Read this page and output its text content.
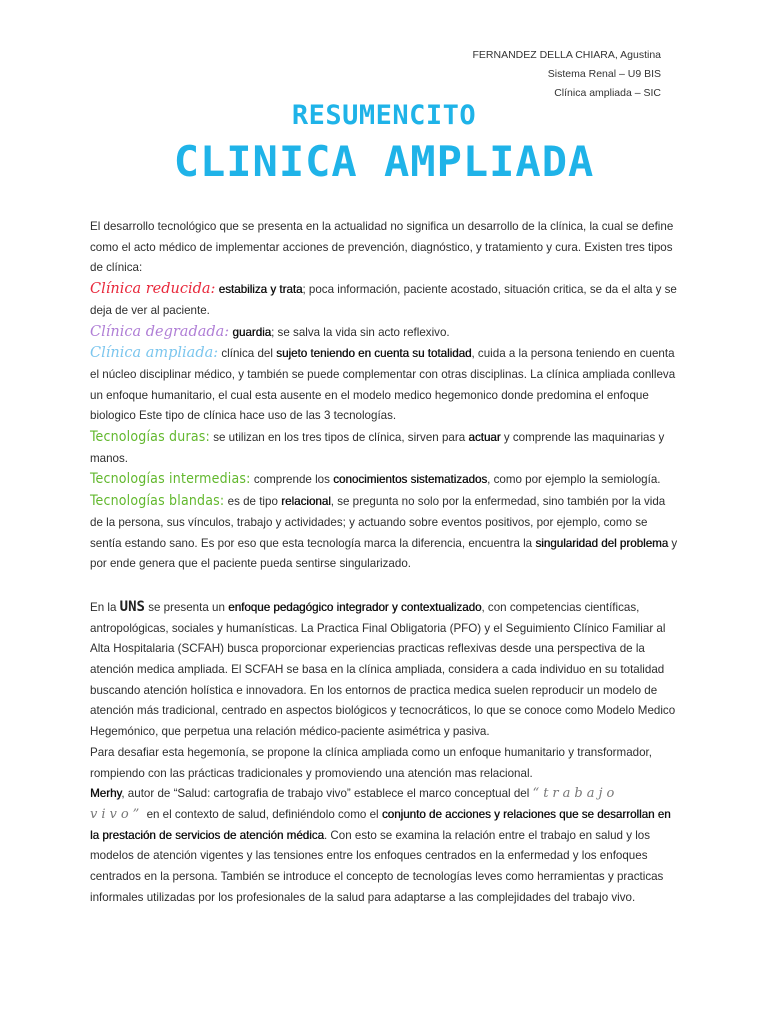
FERNANDEZ DELLA CHIARA, Agustina
Sistema Renal – U9 BIS
Clínica ampliada – SIC
RESUMENCITO
CLINICA AMPLIADA

El desarrollo tecnológico que se presenta en la actualidad no significa un desarrollo de la clínica, la cual se define como el acto médico de implementar acciones de prevención, diagnóstico, y tratamiento y cura. Existen tres tipos de clínica:

Clínica reducida: estabiliza y trata; poca información, paciente acostado, situación critica, se da el alta y se deja de ver al paciente.

Clínica degradada: guardia; se salva la vida sin acto reflexivo.

Clínica ampliada: clínica del sujeto teniendo en cuenta su totalidad, cuida a la persona teniendo en cuenta el núcleo disciplinar médico, y también se puede complementar con otras disciplinas. La clínica ampliada conlleva un enfoque humanitario, el cual esta ausente en el modelo medico hegemonico donde predomina el enfoque biologico Este tipo de clínica hace uso de las 3 tecnologías.

Tecnologías duras: se utilizan en los tres tipos de clínica, sirven para actuar y comprende las maquinarias y manos.

Tecnologías intermedias: comprende los conocimientos sistematizados, como por ejemplo la semiología.

Tecnologías blandas: es de tipo relacional, se pregunta no solo por la enfermedad, sino también por la vida de la persona, sus vínculos, trabajo y actividades; y actuando sobre eventos positivos, por ejemplo, como se sentía estando sano. Es por eso que esta tecnología marca la diferencia, encuentra la singularidad del problema y por ende genera que el paciente pueda sentirse singularizado.

En la UNS se presenta un enfoque pedagógico integrador y contextualizado, con competencias científicas, antropológicas, sociales y humanísticas. La Practica Final Obligatoria (PFO) y el Seguimiento Clínico Familiar al Alta Hospitalaria (SCFAH) busca proporcionar experiencias practicas reflexivas desde una perspectiva de la atención medica ampliada. El SCFAH se basa en la clínica ampliada, considera a cada individuo en su totalidad buscando atención holística e innovadora. En los entornos de practica medica suelen reproducir un modelo de atención más tradicional, centrado en aspectos biológicos y tecnocráticos, lo que se conoce como Modelo Medico Hegemónico, que perpetua una relación médico-paciente asimétrica y pasiva.

Para desafiar esta hegemonía, se propone la clínica ampliada como un enfoque humanitario y transformador, rompiendo con las prácticas tradicionales y promoviendo una atención mas relacional.

Merhy, autor de “Salud: cartografia de trabajo vivo” establece el marco conceptual del “trabajo vivo” en el contexto de salud, definiéndolo como el conjunto de acciones y relaciones que se desarrollan en la prestación de servicios de atención médica. Con esto se examina la relación entre el trabajo en salud y los modelos de atención vigentes y las tensiones entre los enfoques centrados en la enfermedad y los enfoques centrados en la persona. También se introduce el concepto de tecnologías leves como herramientas y practicas informales utilizadas por los profesionales de la salud para adaptarse a las complejidades del trabajo vivo.
